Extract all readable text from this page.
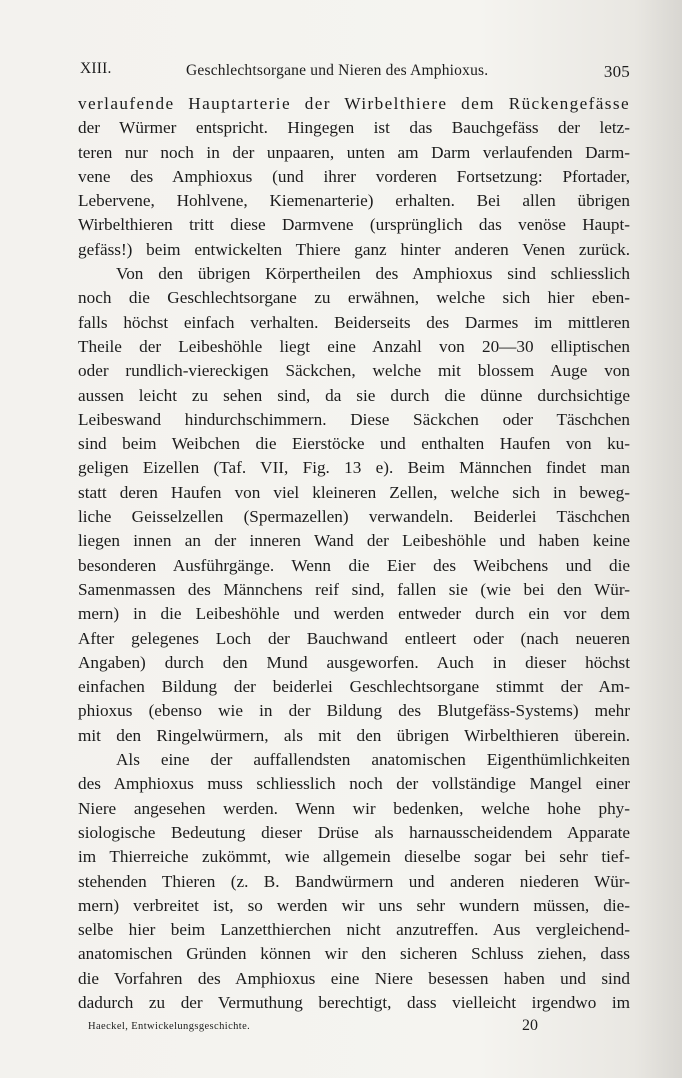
XIII.	Geschlechtsorgane und Nieren des Amphioxus.	305
verlaufende Hauptarterie der Wirbelthiere dem Rückengefässe
der Würmer entspricht. Hingegen ist das Bauchgefäss der letz-
teren nur noch in der unpaaren, unten am Darm verlaufenden Darm-
vene des Amphioxus (und ihrer vorderen Fortsetzung: Pfortader,
Lebervene, Hohlvene, Kiemenarterie) erhalten. Bei allen übrigen
Wirbelthieren tritt diese Darmvene (ursprünglich das venöse Haupt-
gefäss!) beim entwickelten Thiere ganz hinter anderen Venen zurück.
Von den übrigen Körpertheilen des Amphioxus sind schliesslich
noch die Geschlechtsorgane zu erwähnen, welche sich hier eben-
falls höchst einfach verhalten. Beiderseits des Darmes im mittleren
Theile der Leibeshöhle liegt eine Anzahl von 20—30 elliptischen
oder rundlich-viereckigen Säckchen, welche mit blossem Auge von
aussen leicht zu sehen sind, da sie durch die dünne durchsichtige
Leibeswand hindurchschimmern. Diese Säckchen oder Täschchen
sind beim Weibchen die Eierstöcke und enthalten Haufen von ku-
geligen Eizellen (Taf. VII, Fig. 13 e). Beim Männchen findet man
statt deren Haufen von viel kleineren Zellen, welche sich in beweg-
liche Geisselzellen (Spermazellen) verwandeln. Beiderlei Täschchen
liegen innen an der inneren Wand der Leibeshöhle und haben keine
besonderen Ausführgänge. Wenn die Eier des Weibchens und die
Samenmassen des Männchens reif sind, fallen sie (wie bei den Wür-
mern) in die Leibeshöhle und werden entweder durch ein vor dem
After gelegenes Loch der Bauchwand entleert oder (nach neueren
Angaben) durch den Mund ausgeworfen. Auch in dieser höchst
einfachen Bildung der beiderlei Geschlechtsorgane stimmt der Am-
phioxus (ebenso wie in der Bildung des Blutgefäss-Systems) mehr
mit den Ringelwürmern, als mit den übrigen Wirbelthieren überein.
Als eine der auffallendsten anatomischen Eigenthümlichkeiten
des Amphioxus muss schliesslich noch der vollständige Mangel einer
Niere angesehen werden. Wenn wir bedenken, welche hohe phy-
siologische Bedeutung dieser Drüse als harnausscheidendem Apparate
im Thierreiche zukömmt, wie allgemein dieselbe sogar bei sehr tief-
stehenden Thieren (z. B. Bandwürmern und anderen niederen Wür-
mern) verbreitet ist, so werden wir uns sehr wundern müssen, die-
selbe hier beim Lanzetthierchen nicht anzutreffen. Aus vergleichend-
anatomischen Gründen können wir den sicheren Schluss ziehen, dass
die Vorfahren des Amphioxus eine Niere besessen haben und sind
dadurch zu der Vermuthung berechtigt, dass vielleicht irgendwo im
Haeckel, Entwickelungsgeschichte.	20
